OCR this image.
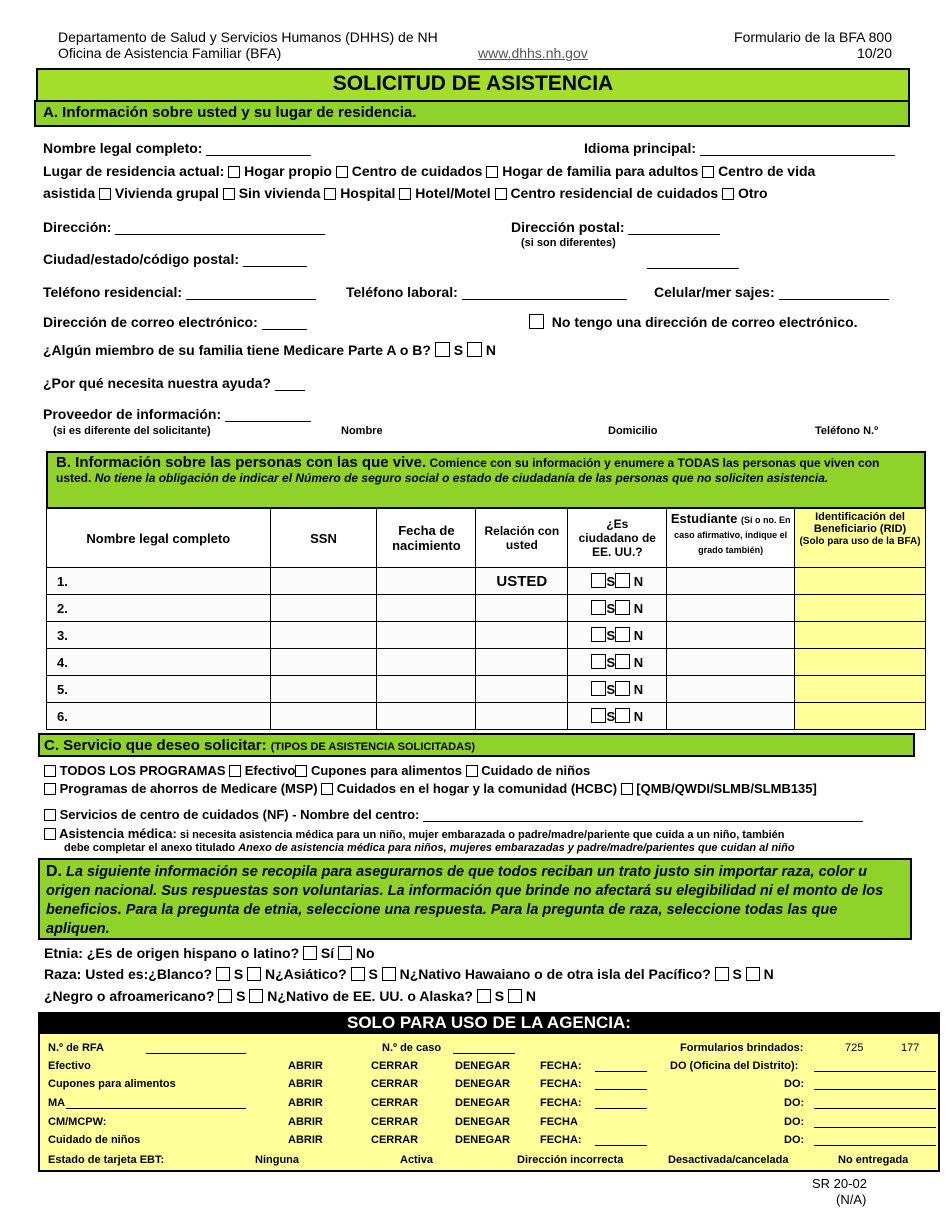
Departamento de Salud y Servicios Humanos (DHHS) de NH
Oficina de Asistencia Familiar (BFA)	www.dhhs.nh.gov
Formulario de la BFA 800
10/20
SOLICITUD DE ASISTENCIA
A. Información sobre usted y su lugar de residencia.
Nombre legal completo:	Idioma principal:
Lugar de residencia actual: Hogar propio Centro de cuidados Hogar de familia para adultos Centro de vida
asistida Vivienda grupal Sin vivienda Hospital Hotel/Motel Centro residencial de cuidados Otro
Dirección:	Dirección postal:
(si son diferentes)
Ciudad/estado/código postal:
Teléfono residencial:	Teléfono laboral:	Celular/mer sajes:
Dirección de correo electrónico:	No tengo una dirección de correo electrónico.
¿Algún miembro de su familia tiene Medicare Parte A o B? S N
¿Por qué necesita nuestra ayuda?
Proveedor de información:
(si es diferente del solicitante)	Nombre	Domicilio	Teléfono N.º
B. Información sobre las personas con las que vive. Comience con su información y enumere a TODAS las personas que viven con usted. No tiene la obligación de indicar el Número de seguro social o estado de ciudadanía de las personas que no soliciten asistencia.
Nombre legal completo	SSN	Fecha de nacimiento	Relación con usted	¿Es ciudadano de EE. UU.?	Estudiante (Sí o no. En caso afirmativo, indique el grado también)	Identificación del Beneficiario (RID)
(Solo para uso de la BFA)
1.			USTED	S N		
2.				S N		
3.				S N		
4.				S N		
5.				S N		
6.				S N		
C. Servicio que deseo solicitar: (TIPOS DE ASISTENCIA SOLICITADAS)
TODOS LOS PROGRAMAS Efectivo Cupones para alimentos Cuidado de niños
Programas de ahorros de Medicare (MSP) Cuidados en el hogar y la comunidad (HCBC) [QMB/QWDI/SLMB/SLMB135]
Servicios de centro de cuidados (NF) - Nombre del centro:
Asistencia médica: si necesita asistencia médica para un niño, mujer embarazada o padre/madre/pariente que cuida a un niño, también
debe completar el anexo titulado Anexo de asistencia médica para niños, mujeres embarazadas y padre/madre/parientes que cuidan al niño
D. La siguiente información se recopila para asegurarnos de que todos reciban un trato justo sin importar raza, color u origen nacional. Sus respuestas son voluntarias. La información que brinde no afectará su elegibilidad ni el monto de los beneficios. Para la pregunta de etnia, seleccione una respuesta. Para la pregunta de raza, seleccione todas las que apliquen.
Etnia: ¿Es de origen hispano o latino? Sí No
Raza: Usted es:¿Blanco? S N¿Asiático? S N¿Nativo Hawaiano o de otra isla del Pacífico? S N
¿Negro o afroamericano? S N¿Nativo de EE. UU. o Alaska? S N
SOLO PARA USO DE LA AGENCIA:
N.º de RFA	N.º de caso	Formularios brindados:	725	177
Efectivo	ABRIR	CERRAR	DENEGAR	FECHA:	DO (Oficina del Distrito):
Cupones para alimentos	ABRIR	CERRAR	DENEGAR	FECHA:	DO:
MA	ABRIR	CERRAR	DENEGAR	FECHA:	DO:
CM/MCPW:	ABRIR	CERRAR	DENEGAR	FECHA	DO:
Cuidado de niños	ABRIR	CERRAR	DENEGAR	FECHA:	DO:
Estado de tarjeta EBT:	Ninguna	Activa	Dirección incorrecta	Desactivada/cancelada	No entregada
SR 20-02
(N/A)
